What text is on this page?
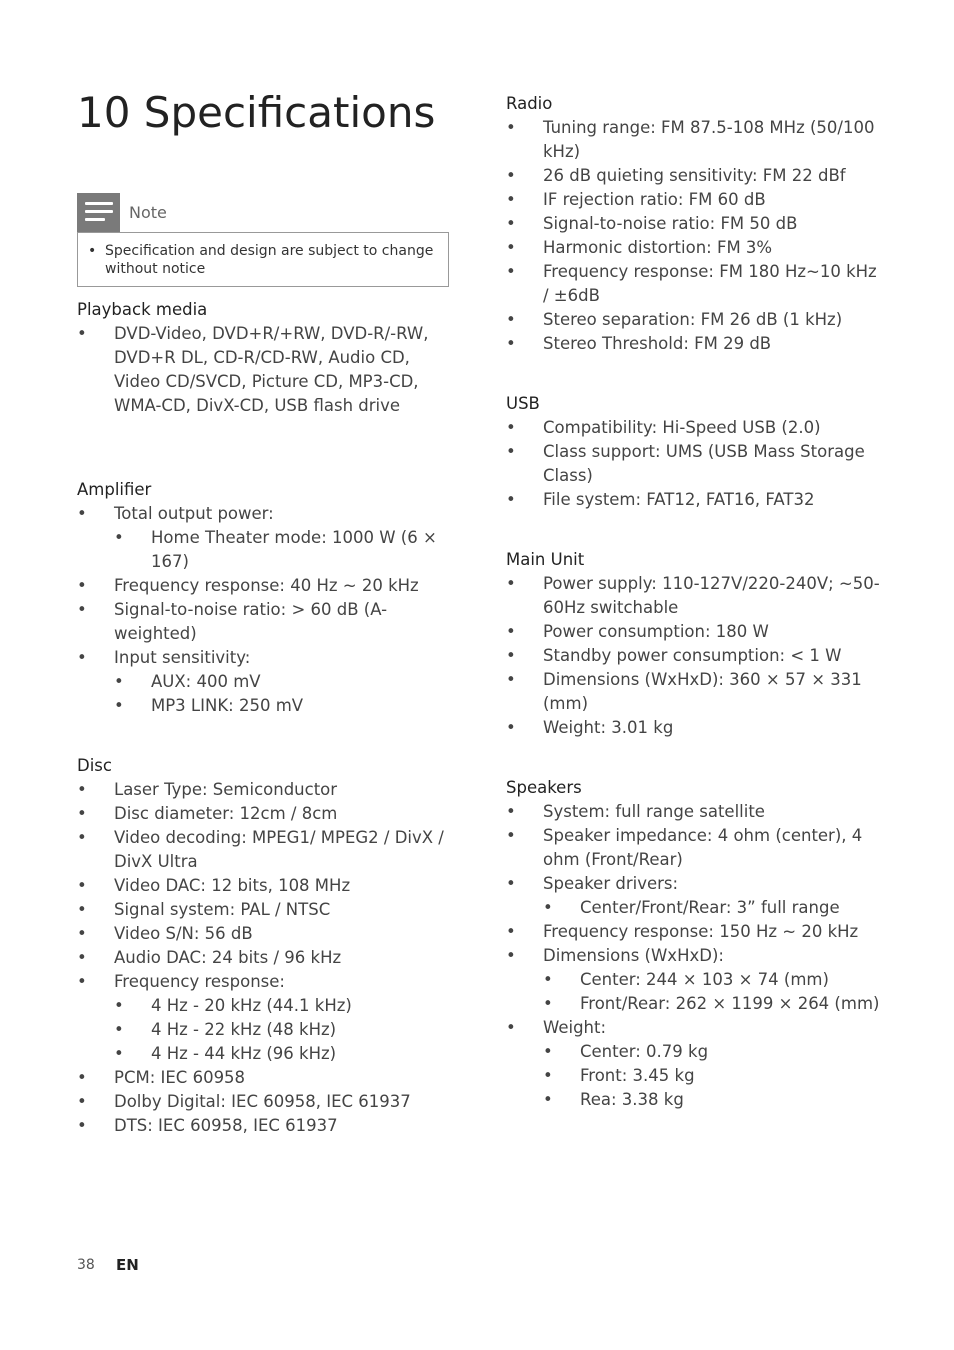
10 Specifications
Note
• Specification and design are subject to change without notice
Playback media
•	DVD-Video, DVD+R/+RW, DVD-R/-RW, DVD+R DL, CD-R/CD-RW, Audio CD, Video CD/SVCD, Picture CD, MP3-CD, WMA-CD, DivX-CD, USB flash drive
Amplifier
•	Total output power:
•	Home Theater mode: 1000 W (6 × 167)
•	Frequency response: 40 Hz ~ 20 kHz
•	Signal-to-noise ratio: > 60 dB (A-weighted)
•	Input sensitivity:
•	AUX: 400 mV
•	MP3 LINK: 250 mV
Disc
•	Laser Type: Semiconductor
•	Disc diameter: 12cm / 8cm
•	Video decoding: MPEG1/ MPEG2 / DivX / DivX Ultra
•	Video DAC: 12 bits, 108 MHz
•	Signal system: PAL / NTSC
•	Video S/N: 56 dB
•	Audio DAC: 24 bits / 96 kHz
•	Frequency response:
•	4 Hz - 20 kHz (44.1 kHz)
•	4 Hz - 22 kHz (48 kHz)
•	4 Hz - 44 kHz (96 kHz)
•	PCM: IEC 60958
•	Dolby Digital: IEC 60958, IEC 61937
•	DTS: IEC 60958, IEC 61937
Radio
•	Tuning range: FM 87.5-108 MHz (50/100 kHz)
•	26 dB quieting sensitivity: FM 22 dBf
•	IF rejection ratio: FM 60 dB
•	Signal-to-noise ratio: FM 50 dB
•	Harmonic distortion: FM 3%
•	Frequency response: FM 180 Hz~10 kHz / ±6dB
•	Stereo separation: FM 26 dB (1 kHz)
•	Stereo Threshold: FM 29 dB
USB
•	Compatibility: Hi-Speed USB (2.0)
•	Class support: UMS (USB Mass Storage Class)
•	File system: FAT12, FAT16, FAT32
Main Unit
•	Power supply: 110-127V/220-240V; ~50-60Hz switchable
•	Power consumption: 180 W
•	Standby power consumption: < 1 W
•	Dimensions (WxHxD): 360 × 57 × 331 (mm)
•	Weight: 3.01 kg
Speakers
•	System: full range satellite
•	Speaker impedance: 4 ohm (center), 4 ohm (Front/Rear)
•	Speaker drivers:
•	Center/Front/Rear: 3” full range
•	Frequency response: 150 Hz ~ 20 kHz
•	Dimensions (WxHxD):
•	Center: 244 × 103 × 74 (mm)
•	Front/Rear: 262 × 1199 × 264 (mm)
•	Weight:
•	Center: 0.79 kg
•	Front: 3.45 kg
•	Rea: 3.38 kg
38 EN
